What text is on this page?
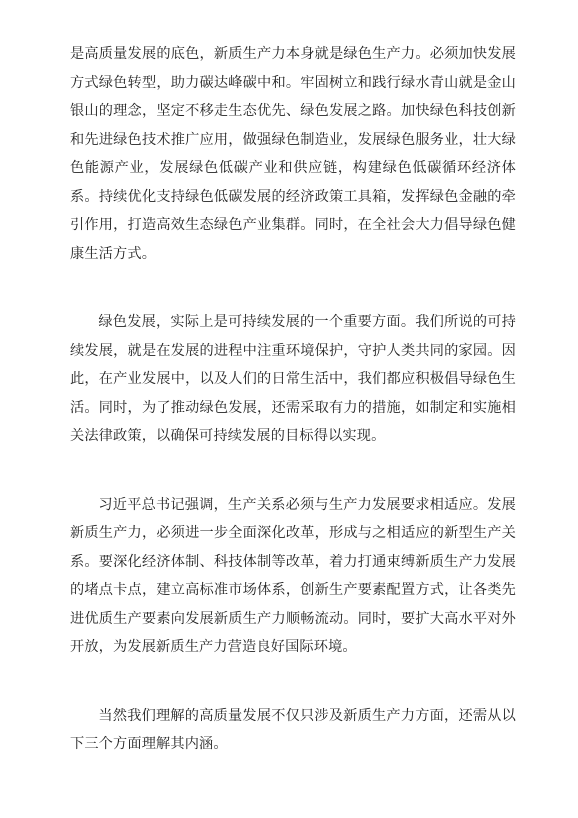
是高质量发展的底色，新质生产力本身就是绿色生产力。必须加快发展方式绿色转型，助力碳达峰碳中和。牢固树立和践行绿水青山就是金山银山的理念，坚定不移走生态优先、绿色发展之路。加快绿色科技创新和先进绿色技术推广应用，做强绿色制造业，发展绿色服务业，壮大绿色能源产业，发展绿色低碳产业和供应链，构建绿色低碳循环经济体系。持续优化支持绿色低碳发展的经济政策工具箱，发挥绿色金融的牵引作用，打造高效生态绿色产业集群。同时，在全社会大力倡导绿色健康生活方式。

绿色发展，实际上是可持续发展的一个重要方面。我们所说的可持续发展，就是在发展的进程中注重环境保护，守护人类共同的家园。因此，在产业发展中，以及人们的日常生活中，我们都应积极倡导绿色生活。同时，为了推动绿色发展，还需采取有力的措施，如制定和实施相关法律政策，以确保可持续发展的目标得以实现。

习近平总书记强调，生产关系必须与生产力发展要求相适应。发展新质生产力，必须进一步全面深化改革，形成与之相适应的新型生产关系。要深化经济体制、科技体制等改革，着力打通束缚新质生产力发展的堵点卡点，建立高标准市场体系，创新生产要素配置方式，让各类先进优质生产要素向发展新质生产力顺畅流动。同时，要扩大高水平对外开放，为发展新质生产力营造良好国际环境。

当然我们理解的高质量发展不仅只涉及新质生产力方面，还需从以下三个方面理解其内涵。
